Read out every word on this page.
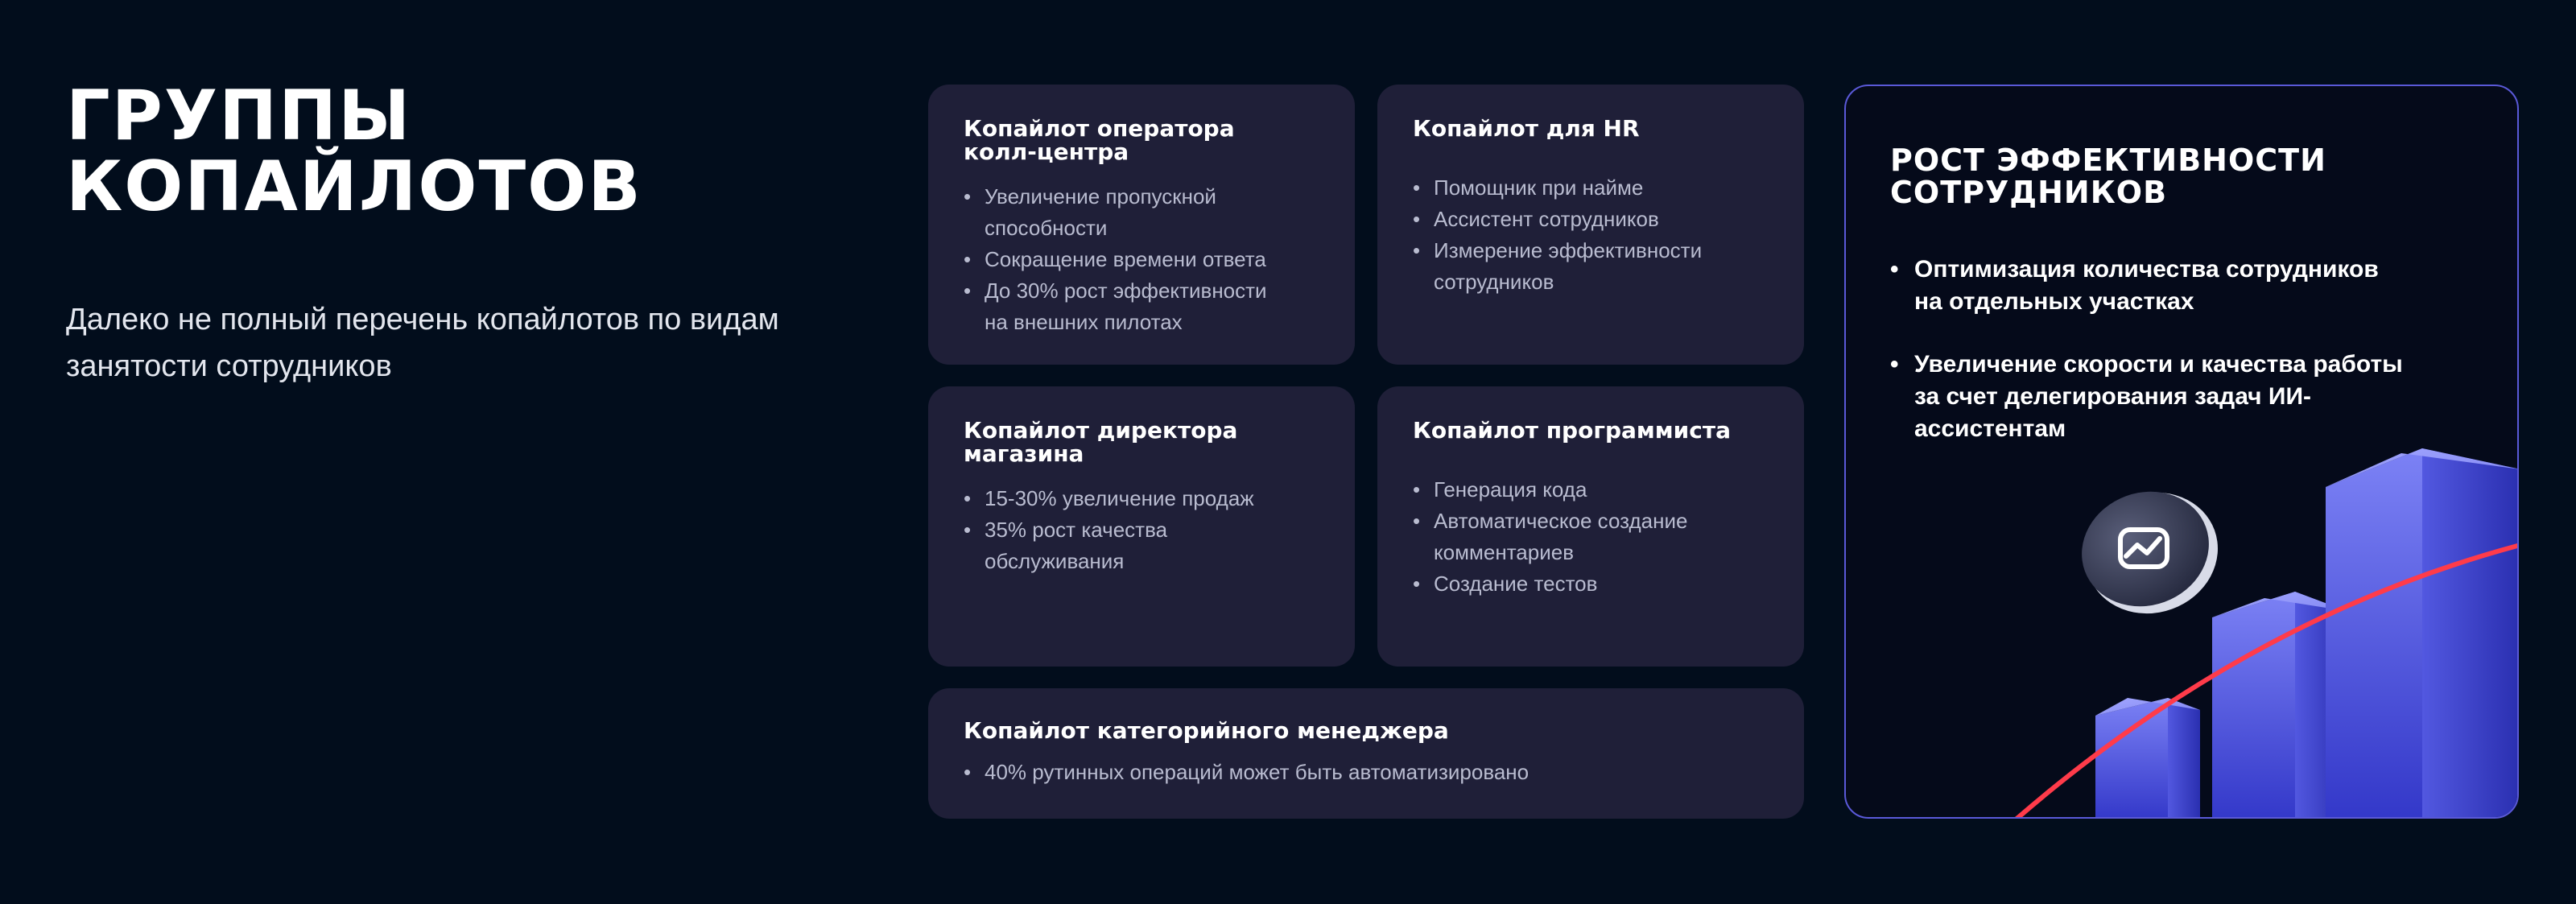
ГРУППЫ
КОПАЙЛОТОВ
Далеко не полный перечень копайлотов по видам занятости сотрудников
Копайлот оператора
колл-центра
• Увеличение пропускной
способности
• Сокращение времени ответа
• До 30% рост эффективности
на внешних пилотах
Копайлот для HR
• Помощник при найме
• Ассистент сотрудников
• Измерение эффективности
сотрудников
Копайлот директора
магазина
• 15-30% увеличение продаж
• 35% рост качества
обслуживания
Копайлот программиста
• Генерация кода
• Автоматическое создание
комментариев
• Создание тестов
Копайлот категорийного менеджера
• 40% рутинных операций может быть автоматизировано
РОСТ ЭФФЕКТИВНОСТИ
СОТРУДНИКОВ
• Оптимизация количества сотрудников
на отдельных участках
• Увеличение скорости и качества работы
за счет делегирования задач ИИ-
ассистентам
